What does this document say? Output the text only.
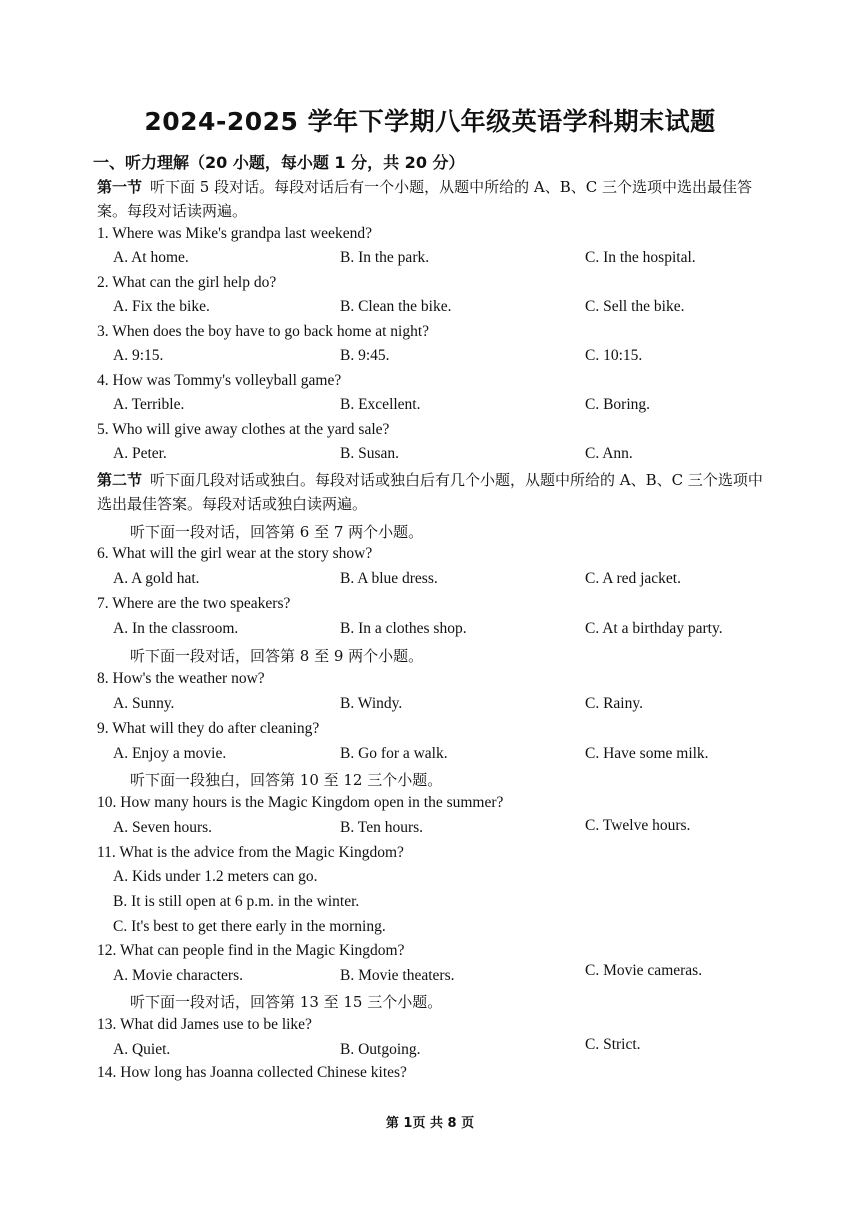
2024-2025 学年下学期八年级英语学科期末试题
一、听力理解（20 小题，每小题 1 分，共 20 分）
第一节 听下面 5 段对话。每段对话后有一个小题，从题中所给的 A、B、C 三个选项中选出最佳答案。每段对话读两遍。
1. Where was Mike's grandpa last weekend?
A. At home.	B. In the park.	C. In the hospital.
2. What can the girl help do?
A. Fix the bike.	B. Clean the bike.	C. Sell the bike.
3. When does the boy have to go back home at night?
A. 9:15.	B. 9:45.	C. 10:15.
4. How was Tommy's volleyball game?
A. Terrible.	B. Excellent.	C. Boring.
5. Who will give away clothes at the yard sale?
A. Peter.	B. Susan.	C. Ann.
第二节 听下面几段对话或独白。每段对话或独白后有几个小题，从题中所给的 A、B、C 三个选项中选出最佳答案。每段对话或独白读两遍。
听下面一段对话，回答第 6 至 7 两个小题。
6. What will the girl wear at the story show?
A. A gold hat.	B. A blue dress.	C. A red jacket.
7. Where are the two speakers?
A. In the classroom.	B. In a clothes shop.	C. At a birthday party.
听下面一段对话，回答第 8 至 9 两个小题。
8. How's the weather now?
A. Sunny.	B. Windy.	C. Rainy.
9. What will they do after cleaning?
A. Enjoy a movie.	B. Go for a walk.	C. Have some milk.
听下面一段独白，回答第 10 至 12 三个小题。
10. How many hours is the Magic Kingdom open in the summer?
A. Seven hours.	B. Ten hours.	C. Twelve hours.
11. What is the advice from the Magic Kingdom?
A. Kids under 1.2 meters can go.
B. It is still open at 6 p.m. in the winter.
C. It's best to get there early in the morning.
12. What can people find in the Magic Kingdom?
A. Movie characters.	B. Movie theaters.	C. Movie cameras.
听下面一段对话，回答第 13 至 15 三个小题。
13. What did James use to be like?
A. Quiet.	B. Outgoing.	C. Strict.
14. How long has Joanna collected Chinese kites?
第 1页 共 8 页
